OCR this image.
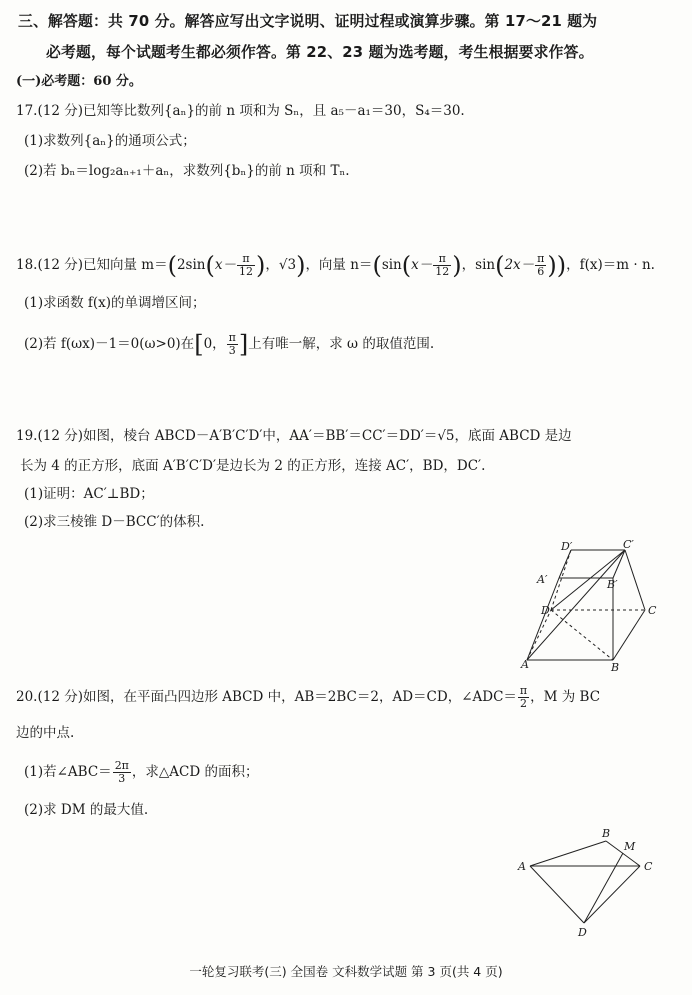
三、解答题：共 70 分。解答应写出文字说明、证明过程或演算步骤。第 17～21 题为
必考题，每个试题考生都必须作答。第 22、23 题为选考题，考生根据要求作答。
(一)必考题：60 分。
17.(12 分)已知等比数列{aₙ}的前 n 项和为 Sₙ，且 a₅－a₁＝30，S₄＝30.
(1)求数列{aₙ}的通项公式；
(2)若 bₙ＝log₂aₙ₊₁＋aₙ，求数列{bₙ}的前 n 项和 Tₙ.
18.(12 分)已知向量 $m=(2\sin(x- \frac{\pi}{12}$ )，√3)，向量 $n=(\sin(x- \frac{\pi}{12}$ )，$\sin(2x- \frac{\pi}{6}$ ))，f(x)＝m · n.
(1)求函数 f(x)的单调增区间；
(2)若 f(ωx)－1＝0(ω>0)在[0， $\frac{\pi}{3}$ ]上有唯一解，求 ω 的取值范围.
19.(12 分)如图，棱台 ABCD－A′B′C′D′中，AA′＝BB′＝CC′＝DD′＝√5，底面 ABCD 是边
长为 4 的正方形，底面 A′B′C′D′是边长为 2 的正方形，连接 AC′，BD，DC′.
(1)证明：AC′⊥BD；
(2)求三棱锥 D－BCC′的体积.
D′	C′
A′	B′
D	C
A	B
20.(12 分)如图，在平面凸四边形 ABCD 中，AB＝2BC＝2，AD＝CD，∠ADC＝ $\frac{\pi}{2}$ ，M 为 BC
边的中点.
(1)若∠ABC＝ $\frac{2\pi}{3}$ ，求△ACD 的面积；
(2)求 DM 的最大值.
A
B
M
C
D
一轮复习联考(三) 全国卷 文科数学试题 第 3 页(共 4 页)
